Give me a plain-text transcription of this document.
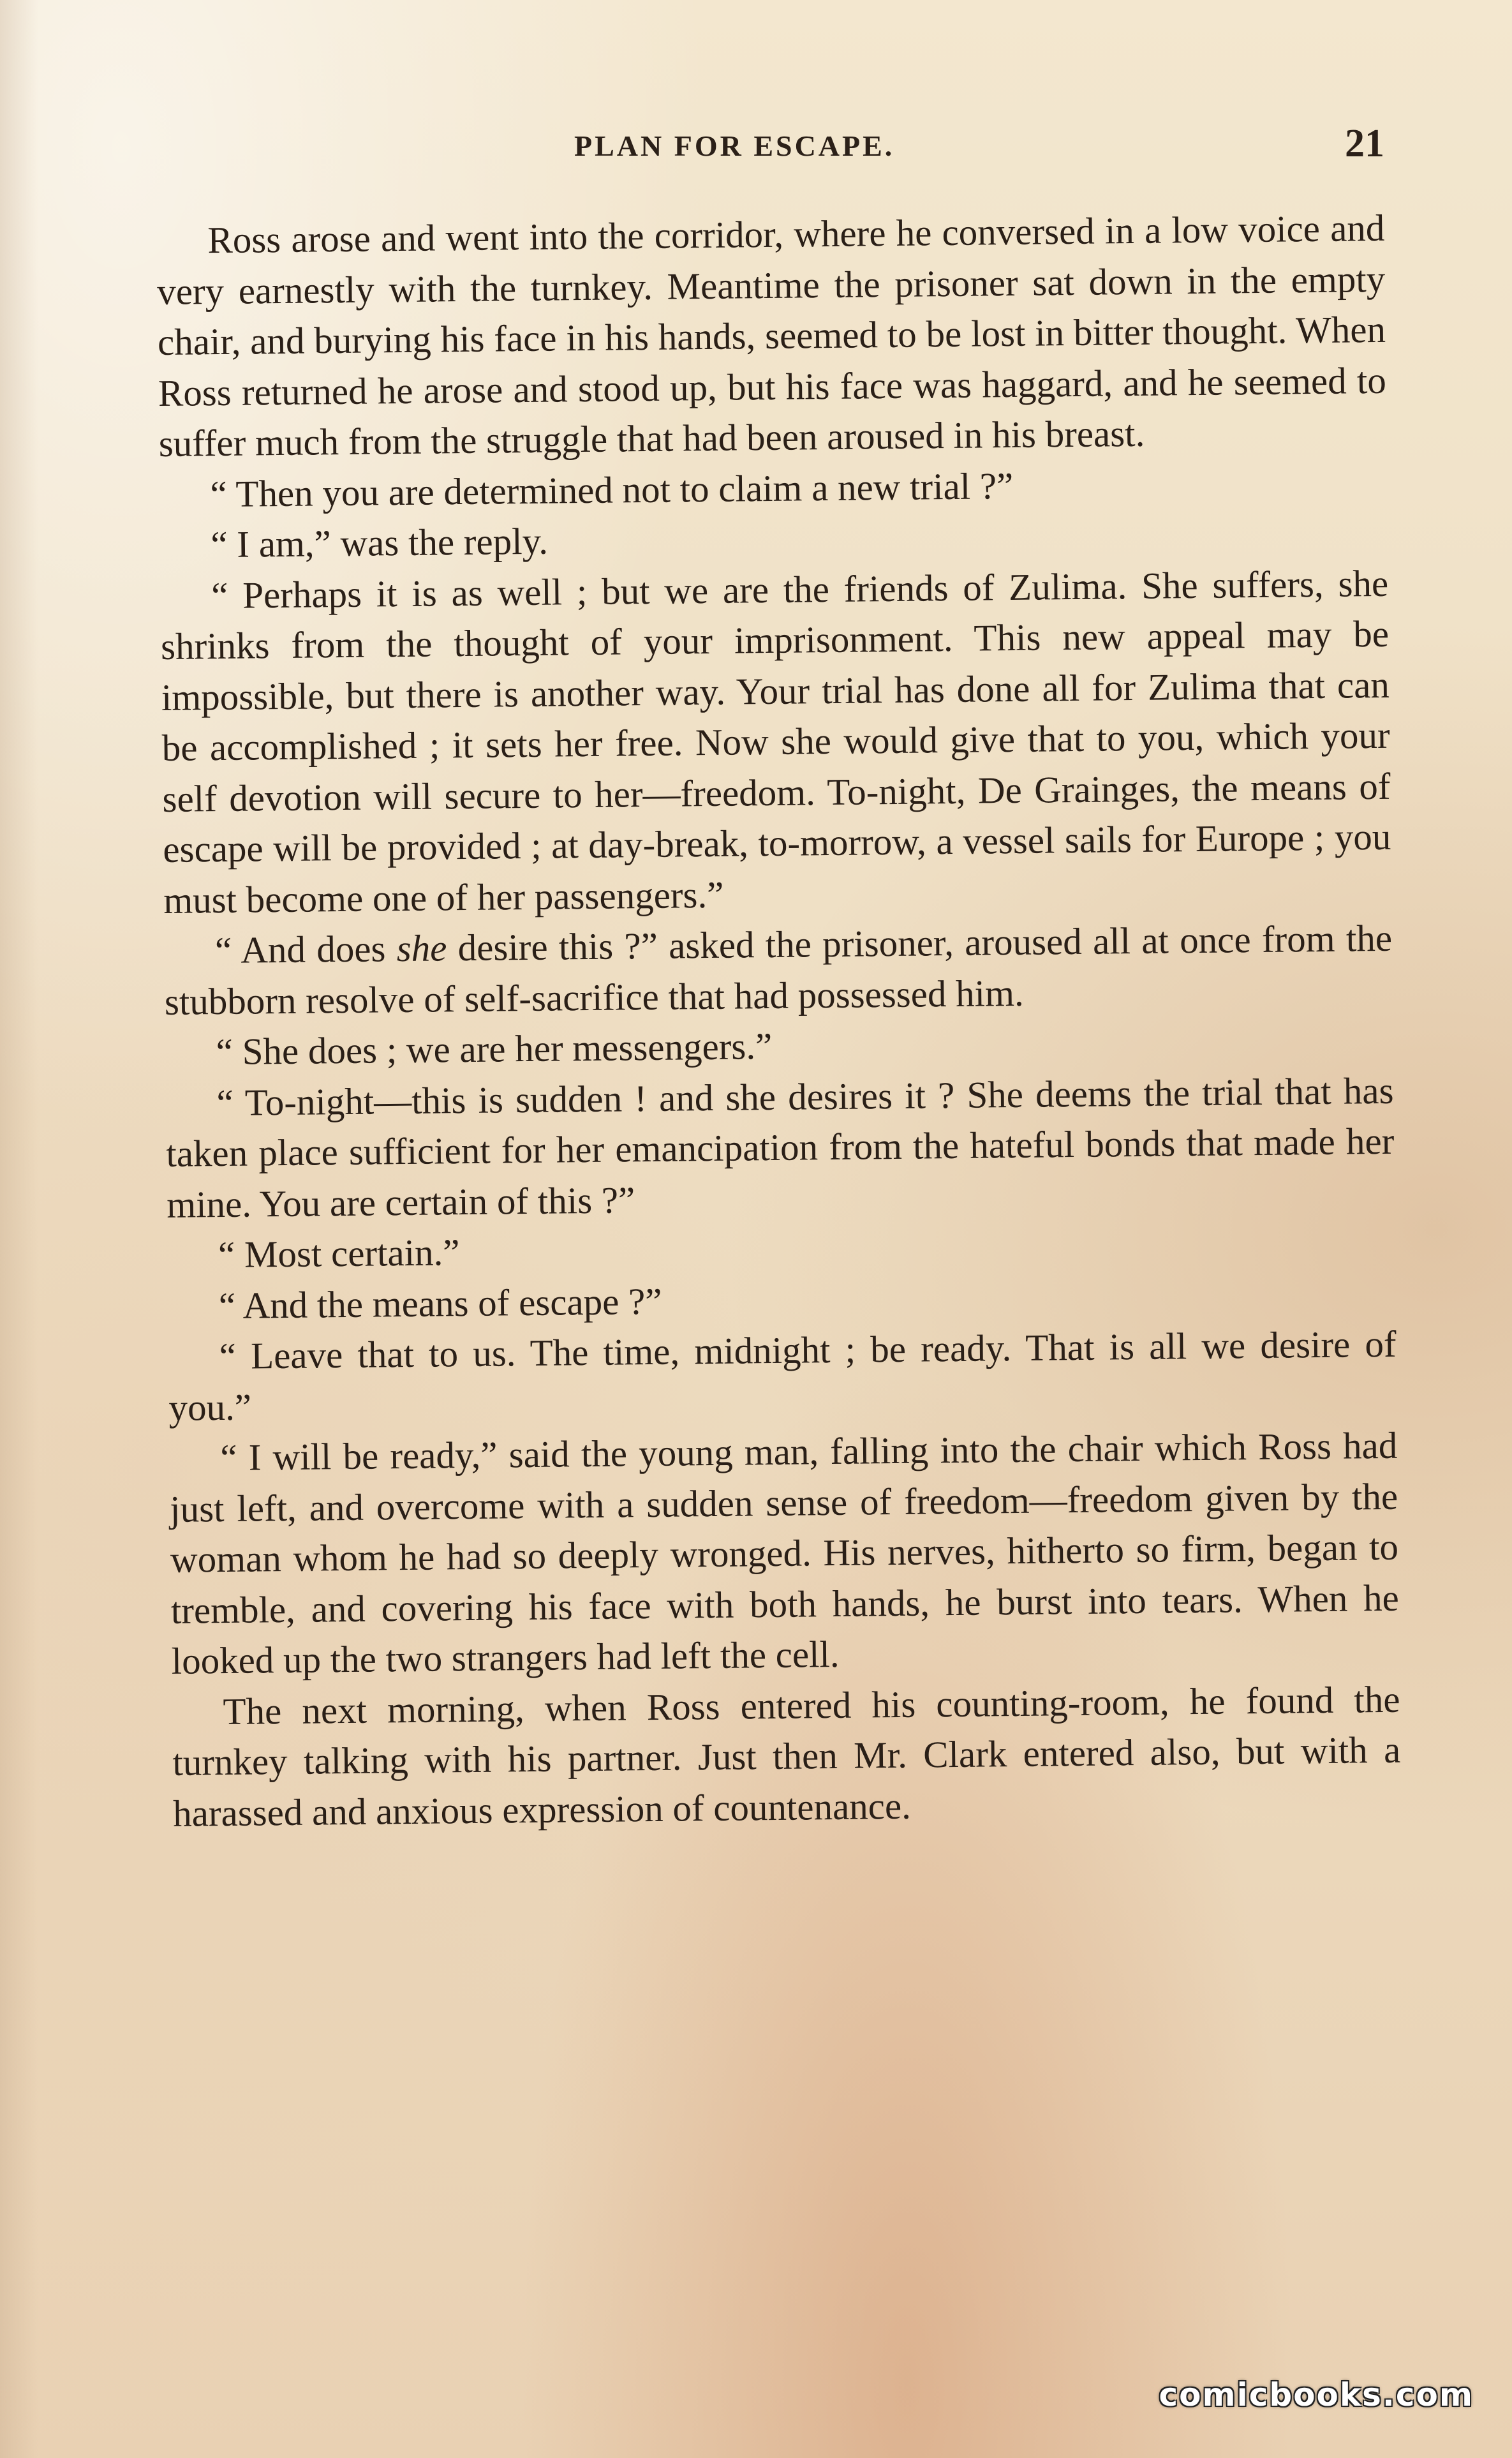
PLAN FOR ESCAPE.	21

Ross arose and went into the corridor, where he conversed in a low voice and very earnestly with the turnkey. Meantime the prisoner sat down in the empty chair, and burying his face in his hands, seemed to be lost in bitter thought. When Ross returned he arose and stood up, but his face was haggard, and he seemed to suffer much from the struggle that had been aroused in his breast.

“ Then you are determined not to claim a new trial ?”

“ I am,” was the reply.

“ Perhaps it is as well ; but we are the friends of Zulima. She suffers, she shrinks from the thought of your imprisonment. This new appeal may be impossible, but there is another way. Your trial has done all for Zulima that can be accomplished ; it sets her free. Now she would give that to you, which your self devotion will secure to her—freedom. To-night, De Grainges, the means of escape will be provided ; at day-break, to-morrow, a vessel sails for Europe ; you must become one of her passengers.”

“ And does she desire this ?” asked the prisoner, aroused all at once from the stubborn resolve of self-sacrifice that had possessed him.

“ She does ; we are her messengers.”

“ To-night—this is sudden ! and she desires it ? She deems the trial that has taken place sufficient for her emancipation from the hateful bonds that made her mine. You are certain of this ?”

“ Most certain.”

“ And the means of escape ?”

“ Leave that to us. The time, midnight ; be ready. That is all we desire of you.”

“ I will be ready,” said the young man, falling into the chair which Ross had just left, and overcome with a sudden sense of freedom—freedom given by the woman whom he had so deeply wronged. His nerves, hitherto so firm, began to tremble, and covering his face with both hands, he burst into tears. When he looked up the two strangers had left the cell.

The next morning, when Ross entered his counting-room, he found the turnkey talking with his partner. Just then Mr. Clark entered also, but with a harassed and anxious expression of countenance.

comicbooks.com
